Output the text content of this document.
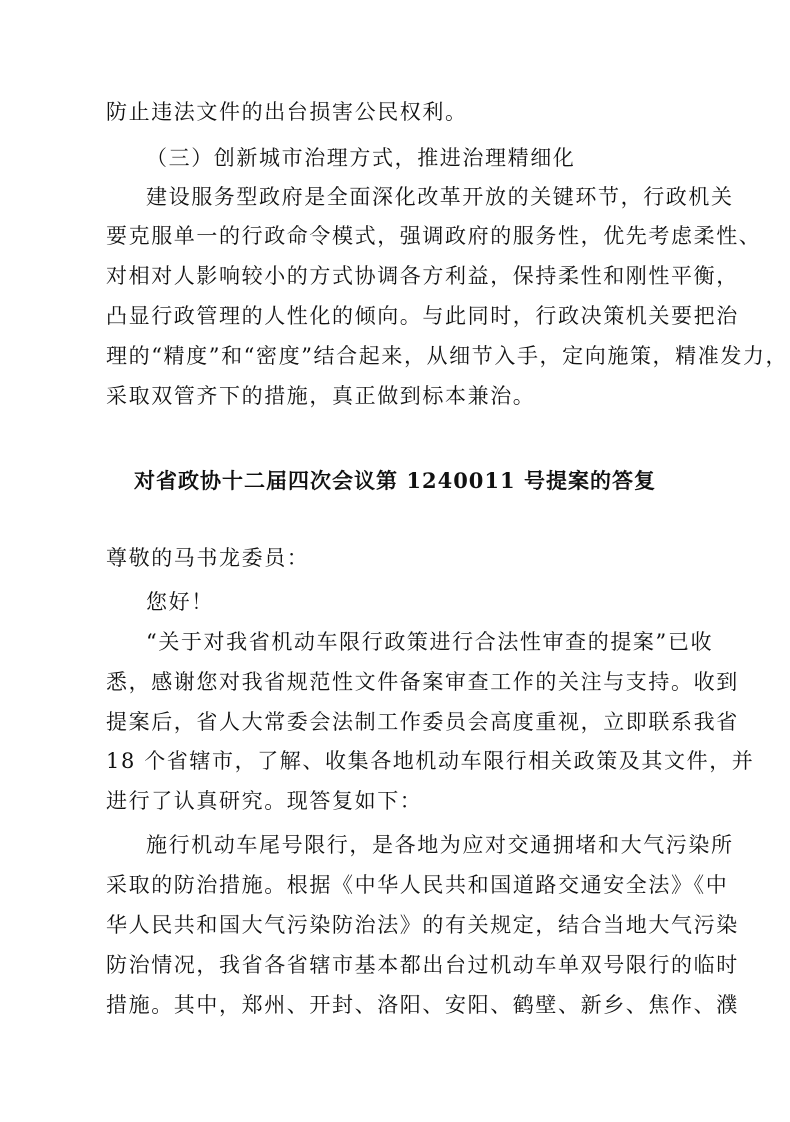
防止违法文件的出台损害公民权利。
（三）创新城市治理方式，推进治理精细化
建设服务型政府是全面深化改革开放的关键环节，行政机关
要克服单一的行政命令模式，强调政府的服务性，优先考虑柔性、
对相对人影响较小的方式协调各方利益，保持柔性和刚性平衡，
凸显行政管理的人性化的倾向。与此同时，行政决策机关要把治
理的“精度”和“密度”结合起来，从细节入手，定向施策，精准发力，
采取双管齐下的措施，真正做到标本兼治。
对省政协十二届四次会议第 1240011 号提案的答复
尊敬的马书龙委员：
您好！
“关于对我省机动车限行政策进行合法性审查的提案”已收
悉，感谢您对我省规范性文件备案审查工作的关注与支持。收到
提案后，省人大常委会法制工作委员会高度重视，立即联系我省
18 个省辖市，了解、收集各地机动车限行相关政策及其文件，并
进行了认真研究。现答复如下：
施行机动车尾号限行，是各地为应对交通拥堵和大气污染所
采取的防治措施。根据《中华人民共和国道路交通安全法》《中
华人民共和国大气污染防治法》的有关规定，结合当地大气污染
防治情况，我省各省辖市基本都出台过机动车单双号限行的临时
措施。其中，郑州、开封、洛阳、安阳、鹤壁、新乡、焦作、濮
